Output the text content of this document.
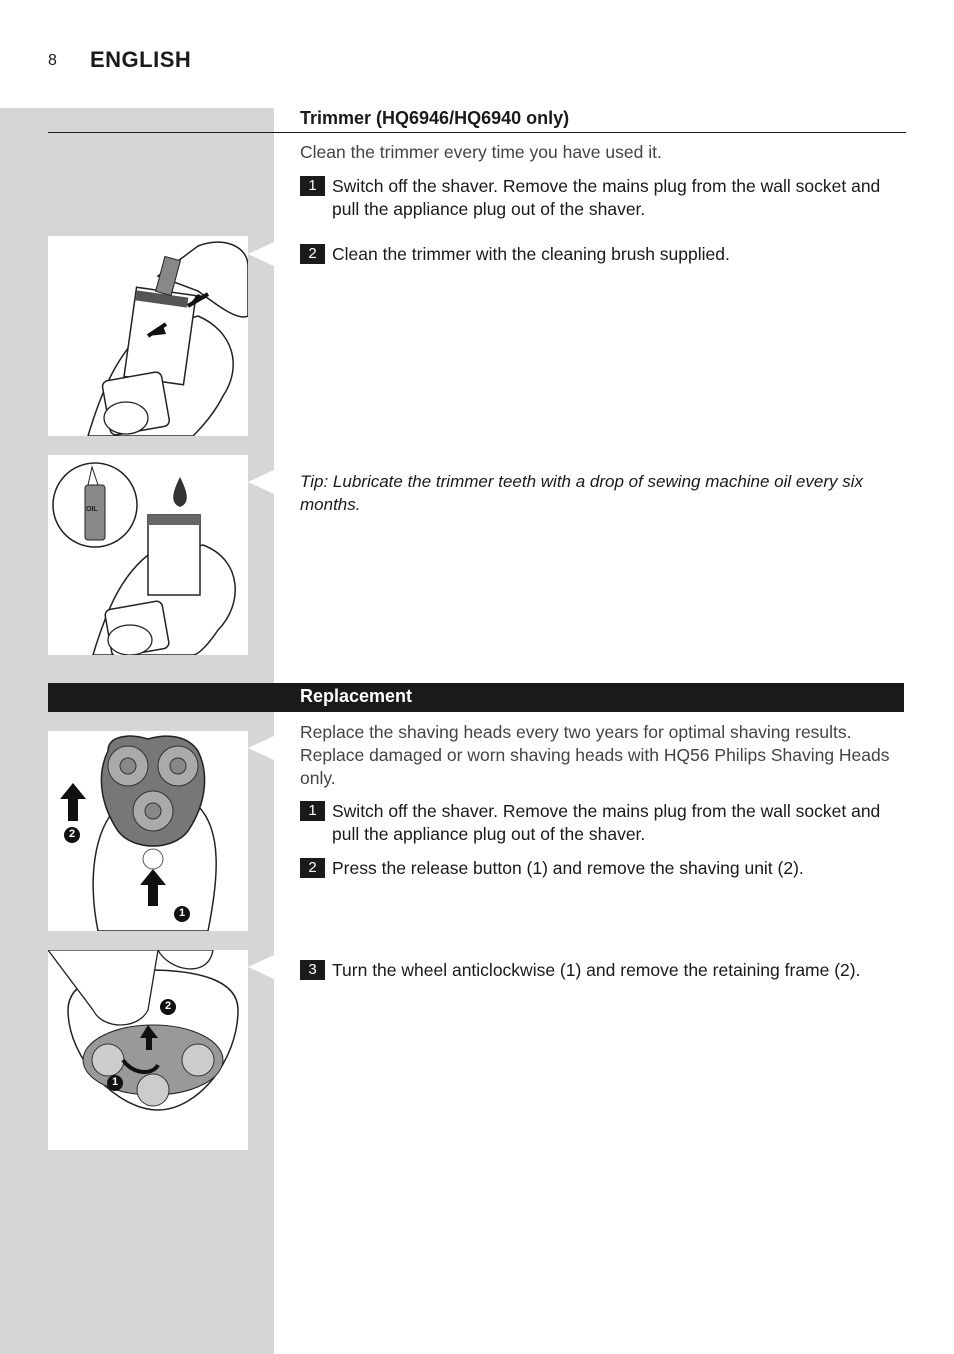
8 ENGLISH
OIL
2
1
2
1
Trimmer (HQ6946/HQ6940 only)
Clean the trimmer every time you have used it.
1 Switch off the shaver. Remove the mains plug from the wall socket and pull the appliance plug out of the shaver.
2 Clean the trimmer with the cleaning brush supplied.
Tip: Lubricate the trimmer teeth with a drop of sewing machine oil every six months.
Replacement
Replace the shaving heads every two years for optimal shaving results. Replace damaged or worn shaving heads with HQ56 Philips Shaving Heads only.
1 Switch off the shaver. Remove the mains plug from the wall socket and pull the appliance plug out of the shaver.
2 Press the release button (1) and remove the shaving unit (2).
3 Turn the wheel anticlockwise (1) and remove the retaining frame (2).
